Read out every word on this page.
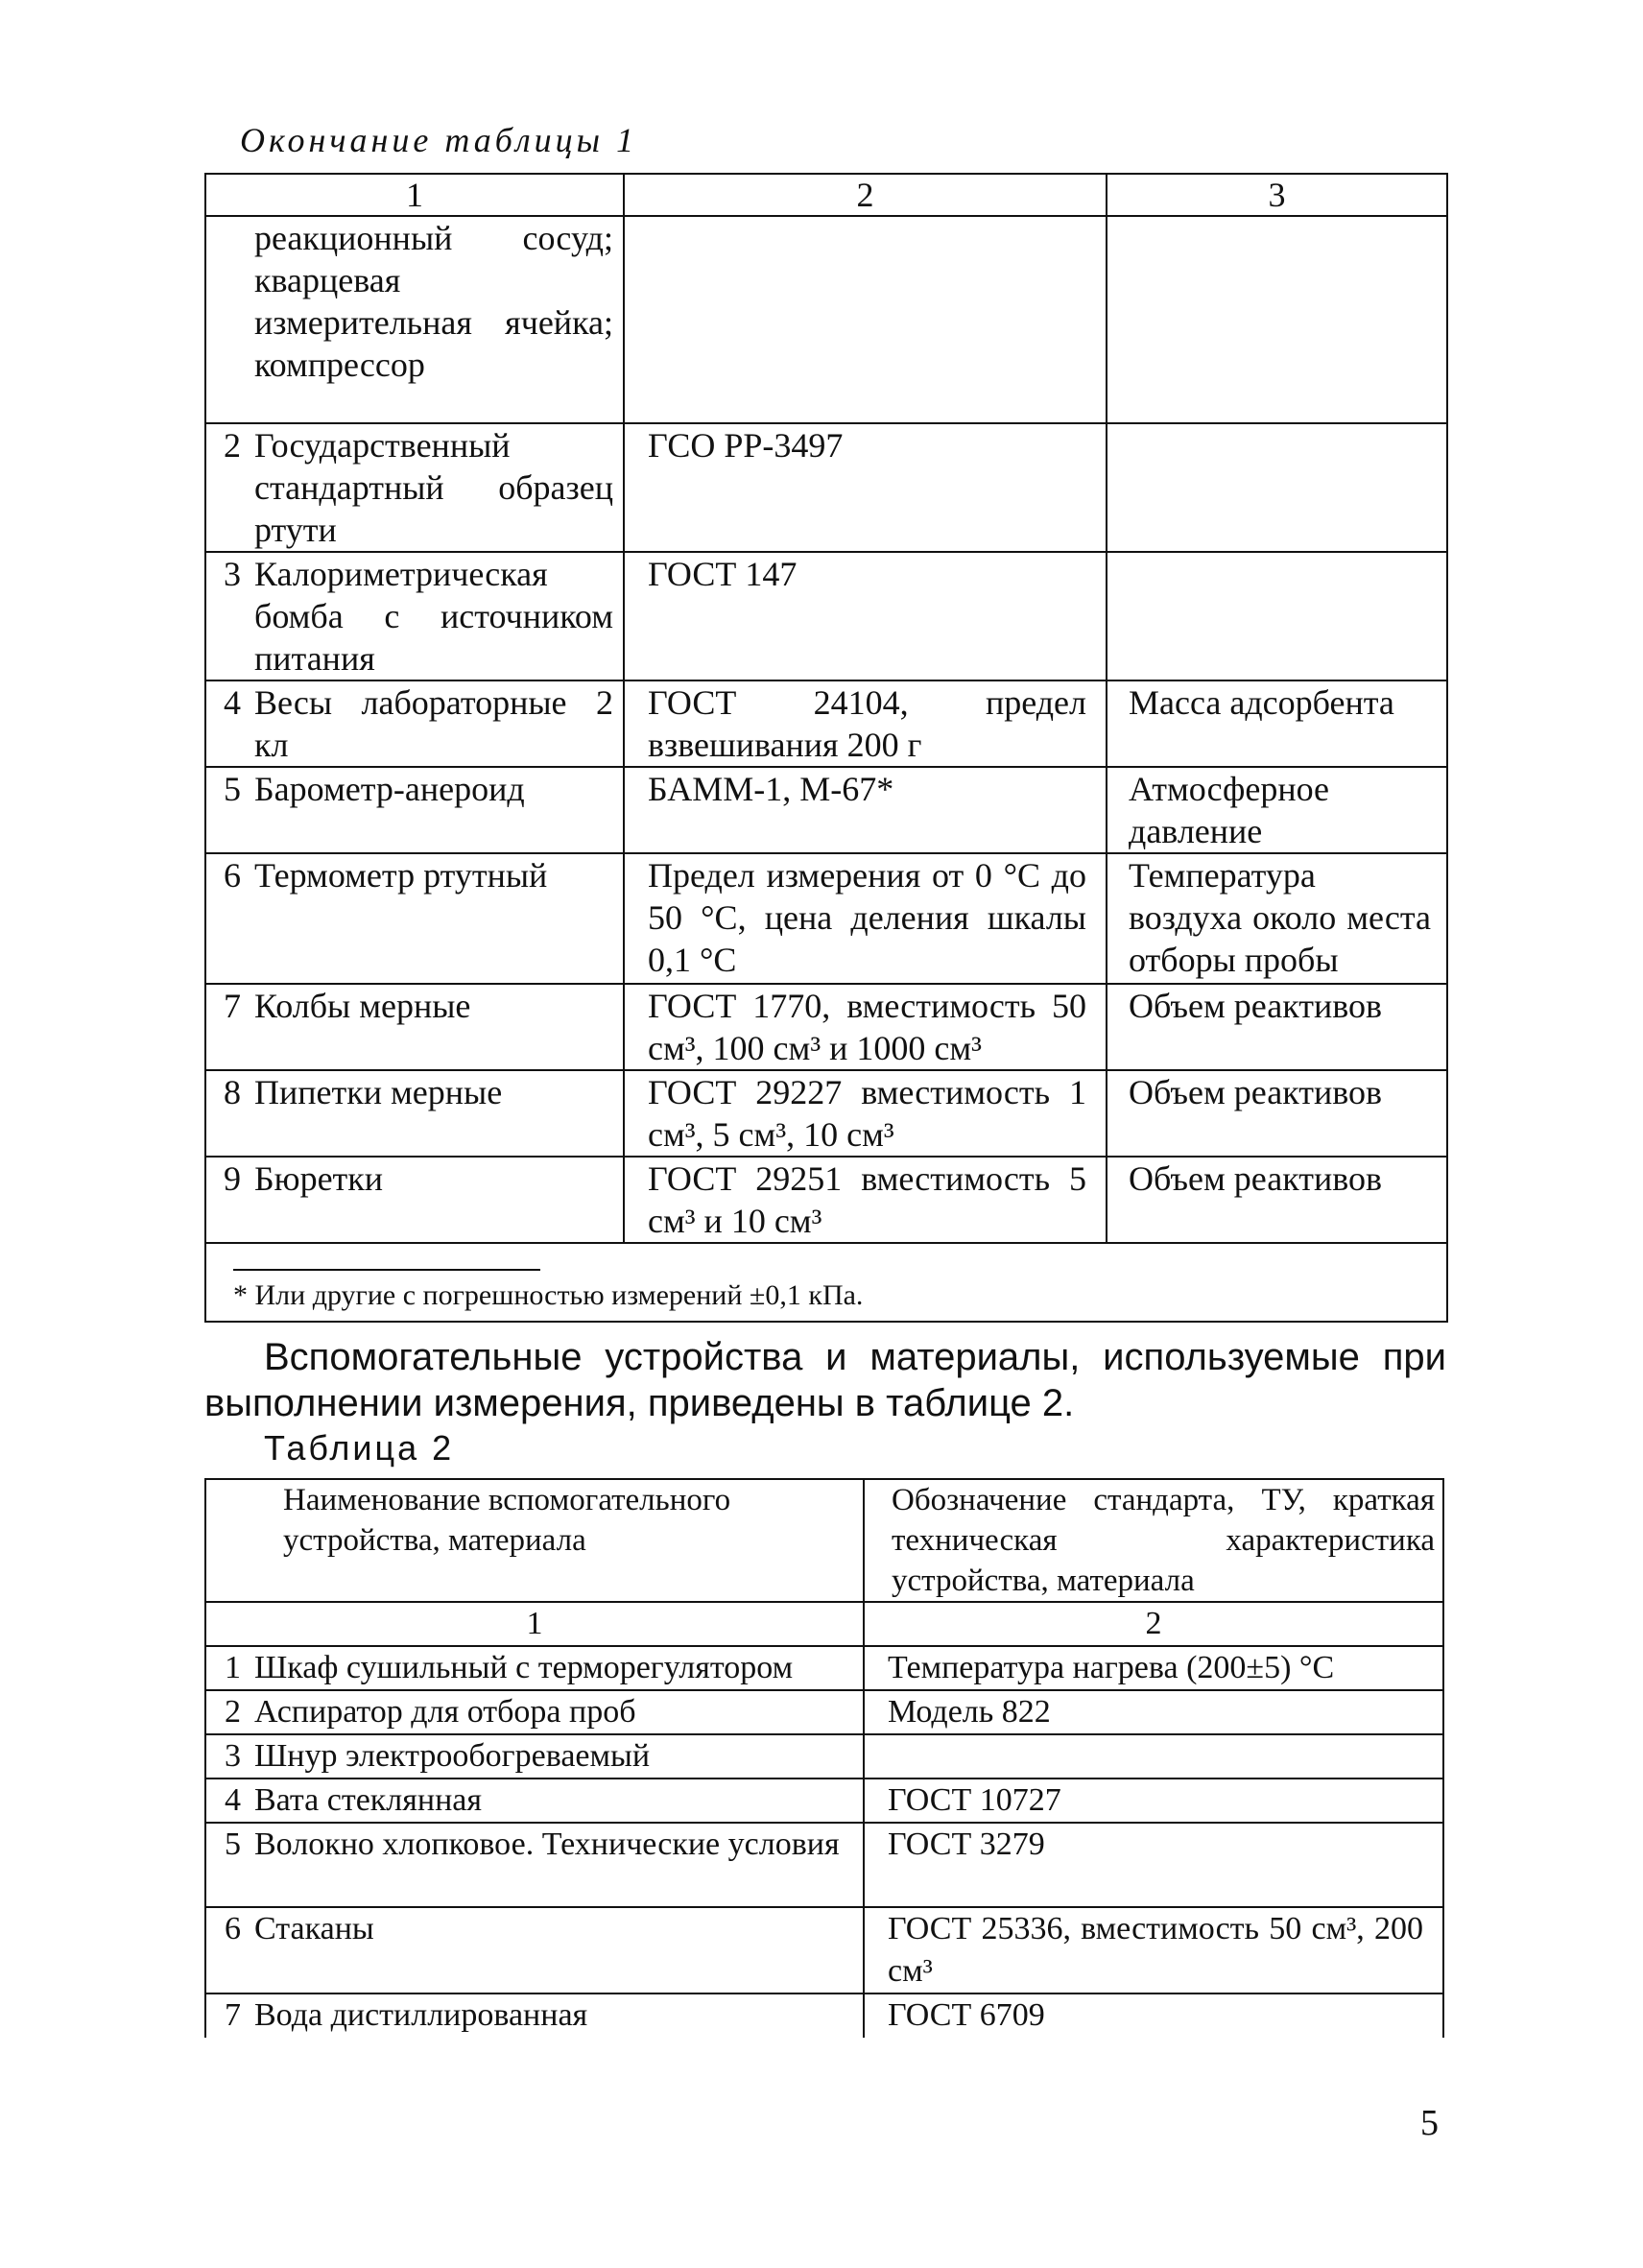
Окончание таблицы 1
1	2	3

реакционный сосуд; кварцевая измерительная ячейка; компрессор		

2 Государственный стандартный образец ртути	ГСО РР-3497	

3 Калориметрическая бомба с источником питания	ГОСТ 147	

4 Весы лабораторные 2 кл	ГОСТ 24104, предел взвешивания 200 г	Масса адсорбента

5 Барометр-анероид	БАММ-1, М-67*	Атмосферное давление

6 Термометр ртутный	Предел измерения от 0 °С до 50 °С, цена деления шкалы 0,1 °С	Температура воздуха около места отборы пробы

7 Колбы мерные	ГОСТ 1770, вместимость 50 см³, 100 см³ и 1000 см³	Объем реактивов

8 Пипетки мерные	ГОСТ 29227 вместимость 1 см³, 5 см³, 10 см³	Объем реактивов

9 Бюретки	ГОСТ 29251 вместимость 5 см³ и 10 см³	Объем реактивов

* Или другие с погрешностью измерений ±0,1 кПа.
Вспомогательные устройства и материалы, используемые при выполнении измерения, приведены в таблице 2.
Таблица 2
Наименование вспомогательного устройства, материала	Обозначение стандарта, ТУ, краткая техническая характеристика устройства, материала

1	2

1 Шкаф сушильный с терморегулятором	Температура нагрева (200±5) °С

2 Аспиратор для отбора проб	Модель 822

3 Шнур электрообогреваемый	

4 Вата стеклянная	ГОСТ 10727

5 Волокно хлопковое. Технические условия	ГОСТ 3279

6 Стаканы	ГОСТ 25336, вместимость 50 см³, 200 см³

7 Вода дистиллированная	ГОСТ 6709
5
